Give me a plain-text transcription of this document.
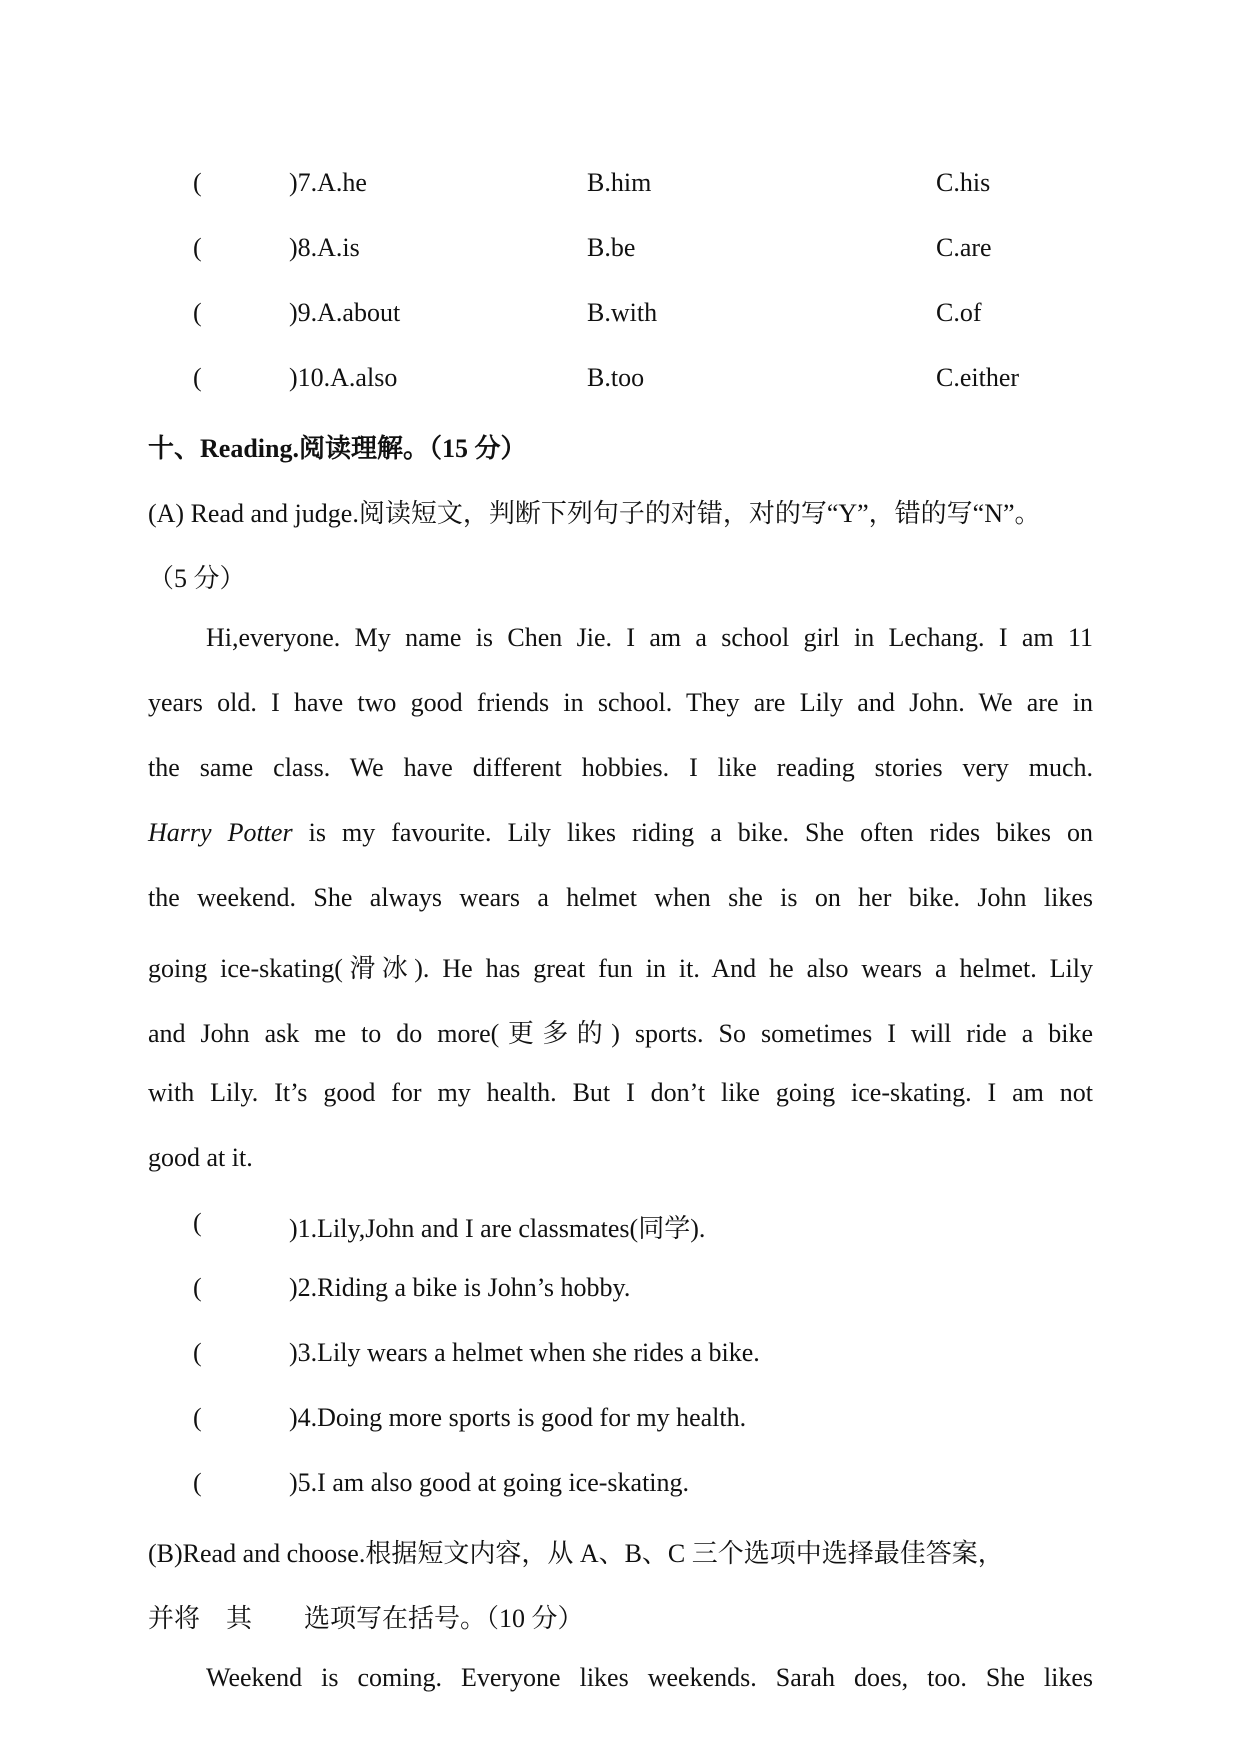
(	)7.A.he	B.him	C.his
(	)8.A.is	B.be	C.are
(	)9.A.about	B.with	C.of
(	)10.A.also	B.too	C.either
十、Reading.阅读理解。（15 分）
(A) Read and judge.阅读短文，判断下列句子的对错，对的写“Y”，错的写“N”。
（5 分）
Hi,everyone. My name is Chen Jie. I am a school girl in Lechang. I am 11
years old. I have two good friends in school. They are Lily and John. We are in
the same class. We have different hobbies. I like reading stories very much.
Harry Potter is my favourite. Lily likes riding a bike. She often rides bikes on
the weekend. She always wears a helmet when she is on her bike. John likes
going ice-skating(滑冰). He has great fun in it. And he also wears a helmet. Lily
and John ask me to do more(更多的) sports. So sometimes I will ride a bike
with Lily. It’s good for my health. But I don’t like going ice-skating. I am not
good at it.
(	)1.Lily,John and I are classmates(同学).
(	)2.Riding a bike is John’s hobby.
(	)3.Lily wears a helmet when she rides a bike.
(	)4.Doing more sports is good for my health.
(	)5.I am also good at going ice-skating.
(B)Read and choose.根据短文内容，从 A、B、C 三个选项中选择最佳答案，
并将    其        选项写在括号。（10 分）
Weekend is coming. Everyone likes weekends. Sarah does, too. She likes
